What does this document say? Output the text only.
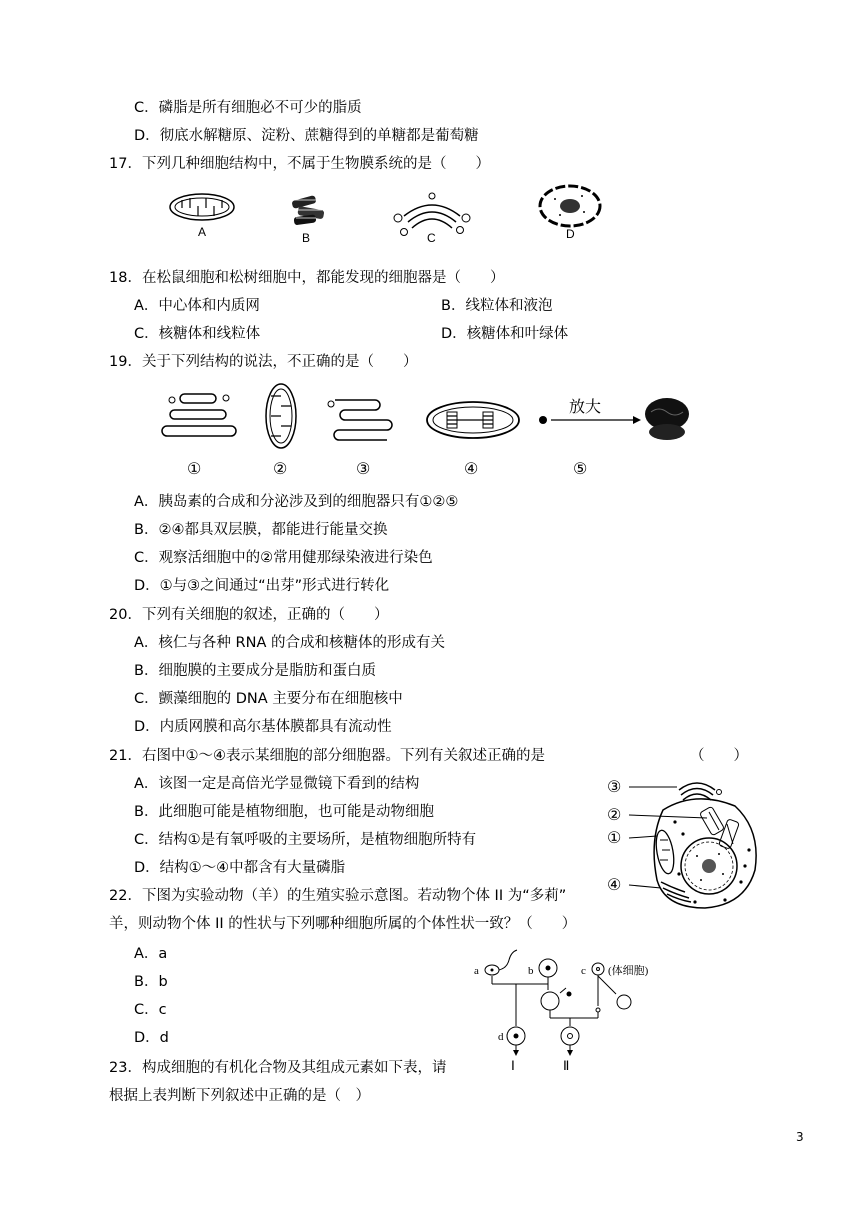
C．磷脂是所有细胞必不可少的脂质
D．彻底水解糖原、淀粉、蔗糖得到的单糖都是葡萄糖
17．下列几种细胞结构中，不属于生物膜系统的是（　　）
A	B	C	D
18．在松鼠细胞和松树细胞中，都能发现的细胞器是（　　）
A．中心体和内质网	B．线粒体和液泡
C．核糖体和线粒体	D．核糖体和叶绿体
19．关于下列结构的说法，不正确的是（　　）
①	②	③	④
放大
⑤
A．胰岛素的合成和分泌涉及到的细胞器只有①②⑤
B．②④都具双层膜，都能进行能量交换
C．观察活细胞中的②常用健那绿染液进行染色
D．①与③之间通过“出芽”形式进行转化
20．下列有关细胞的叙述，正确的（　　）
A．核仁与各种 RNA 的合成和核糖体的形成有关
B．细胞膜的主要成分是脂肪和蛋白质
C．颤藻细胞的 DNA 主要分布在细胞核中
D．内质网膜和高尔基体膜都具有流动性
21．右图中①～④表示某细胞的部分细胞器。下列有关叙述正确的是	（　　）
A．该图一定是高倍光学显微镜下看到的结构
B．此细胞可能是植物细胞，也可能是动物细胞
C．结构①是有氧呼吸的主要场所，是植物细胞所特有
D．结构①～④中都含有大量磷脂
③
②
①
④
22．下图为实验动物（羊）的生殖实验示意图。若动物个体 II 为“多莉”
羊，则动物个体 II 的性状与下列哪种细胞所属的个体性状一致？（　　）
A．a
B．b
C．c
D．d
a	b	c (体细胞)
d
Ⅰ	Ⅱ
23．构成细胞的有机化合物及其组成元素如下表，请
根据上表判断下列叙述中正确的是（　）
3
